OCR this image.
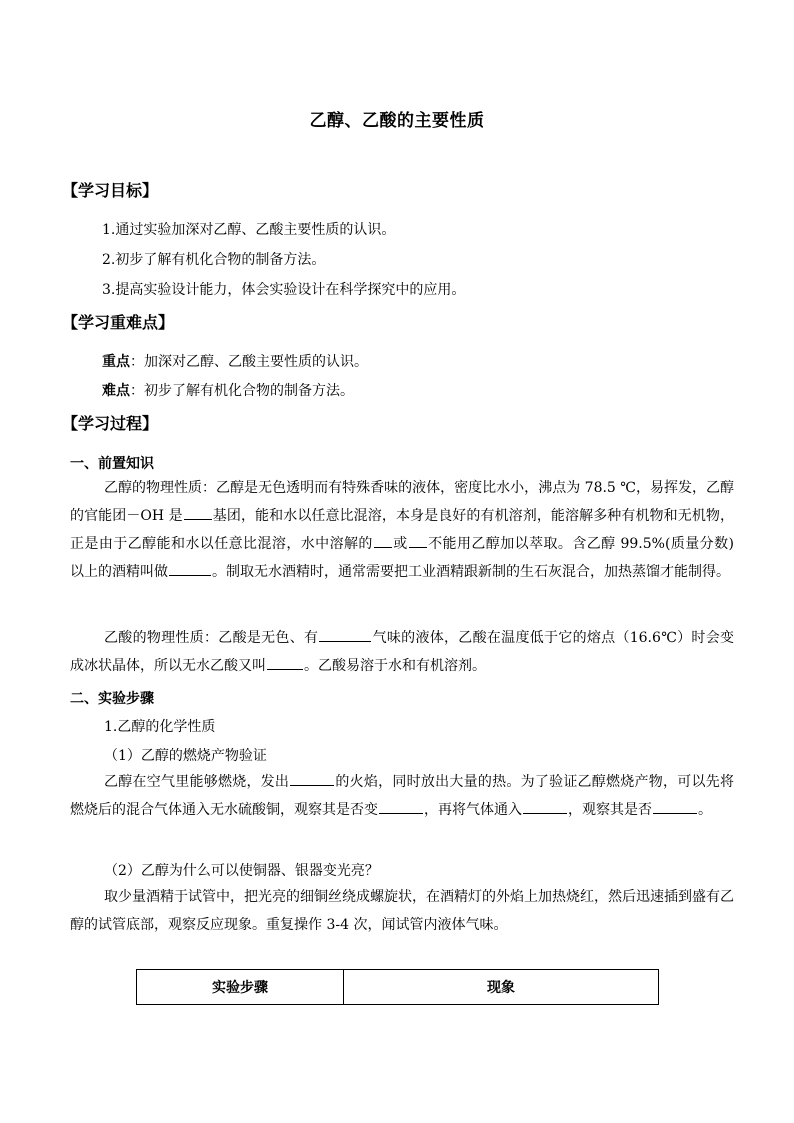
乙醇、乙酸的主要性质
【学习目标】
1.通过实验加深对乙醇、乙酸主要性质的认识。
2.初步了解有机化合物的制备方法。
3.提高实验设计能力，体会实验设计在科学探究中的应用。
【学习重难点】
重点：加深对乙醇、乙酸主要性质的认识。
难点：初步了解有机化合物的制备方法。
【学习过程】
一、前置知识
乙醇的物理性质：乙醇是无色透明而有特殊香味的液体，密度比水小，沸点为 78.5 ℃，易挥发，乙醇的官能团－OH 是 基团，能和水以任意比混溶，本身是良好的有机溶剂，能溶解多种有机物和无机物，正是由于乙醇能和水以任意比混溶，水中溶解的 或 不能用乙醇加以萃取。含乙醇 99.5%(质量分数) 以上的酒精叫做	。制取无水酒精时，通常需要把工业酒精跟新制的生石灰混合，加热蒸馏才能制得。
乙酸的物理性质：乙酸是无色、有	气味的液体，乙酸在温度低于它的熔点（16.6℃）时会变成冰状晶体，所以无水乙酸又叫	。乙酸易溶于水和有机溶剂。
二、实验步骤
1.乙醇的化学性质
（1）乙醇的燃烧产物验证
乙醇在空气里能够燃烧，发出	的火焰，同时放出大量的热。为了验证乙醇燃烧产物，可以先将燃烧后的混合气体通入无水硫酸铜，观察其是否变	，再将气体通入	，观察其是否	。
（2）乙醇为什么可以使铜器、银器变光亮？
取少量酒精于试管中，把光亮的细铜丝绕成螺旋状，在酒精灯的外焰上加热烧红，然后迅速插到盛有乙醇的试管底部，观察反应现象。重复操作 3-4 次，闻试管内液体气味。
实验步骤	现象
